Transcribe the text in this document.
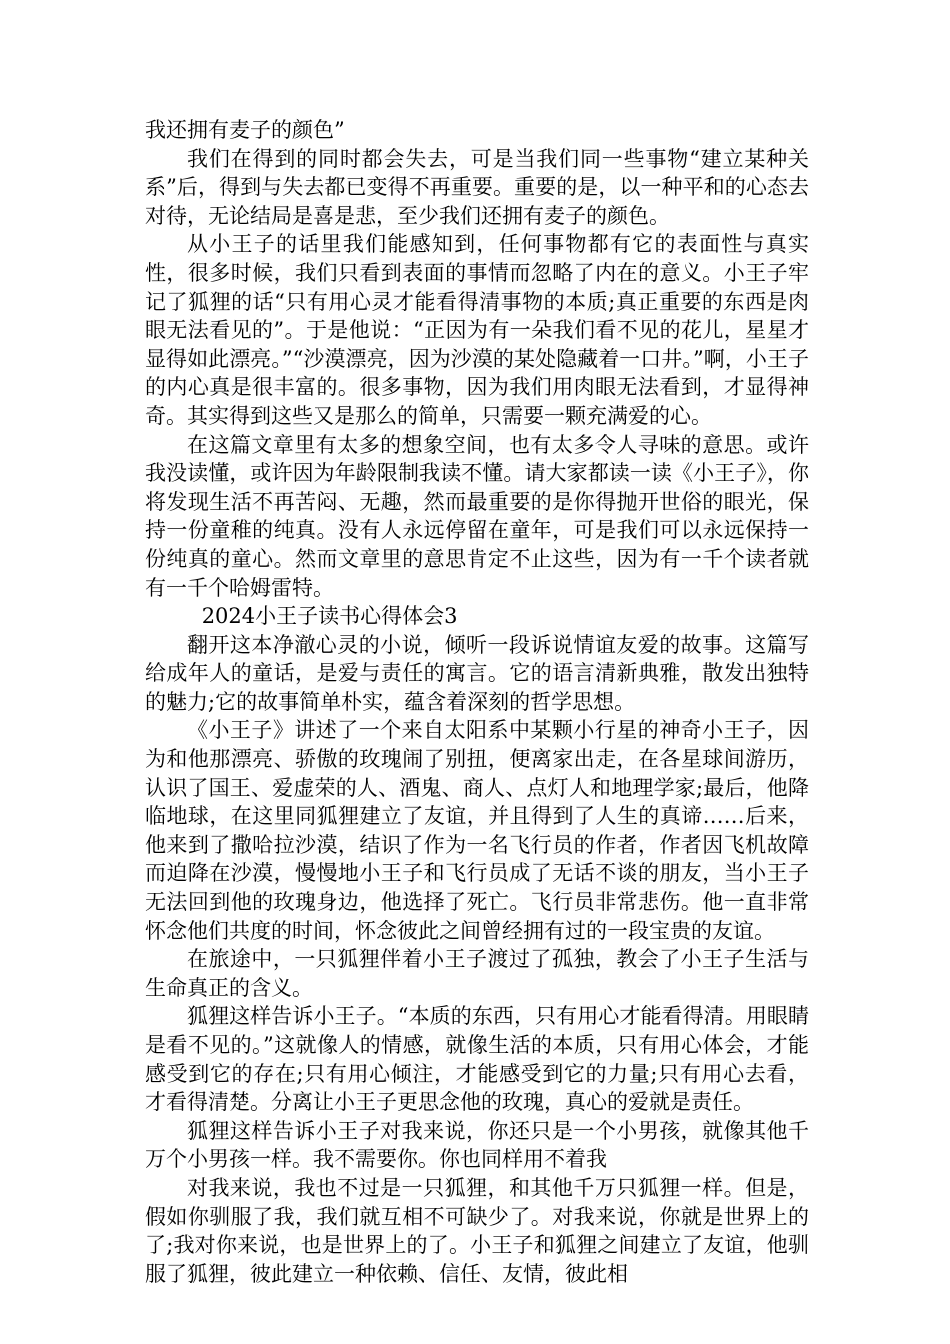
我还拥有麦子的颜色”

我们在得到的同时都会失去，可是当我们同一些事物“建立某种关系”后，得到与失去都已变得不再重要。重要的是，以一种平和的心态去对待，无论结局是喜是悲，至少我们还拥有麦子的颜色。

从小王子的话里我们能感知到，任何事物都有它的表面性与真实性，很多时候，我们只看到表面的事情而忽略了内在的意义。小王子牢记了狐狸的话“只有用心灵才能看得清事物的本质;真正重要的东西是肉眼无法看见的”。于是他说：“正因为有一朵我们看不见的花儿，星星才显得如此漂亮。”“沙漠漂亮，因为沙漠的某处隐藏着一口井。”啊，小王子的内心真是很丰富的。很多事物，因为我们用肉眼无法看到，才显得神奇。其实得到这些又是那么的简单，只需要一颗充满爱的心。

在这篇文章里有太多的想象空间，也有太多令人寻味的意思。或许我没读懂，或许因为年龄限制我读不懂。请大家都读一读《小王子》，你将发现生活不再苦闷、无趣，然而最重要的是你得抛开世俗的眼光，保持一份童稚的纯真。没有人永远停留在童年，可是我们可以永远保持一份纯真的童心。然而文章里的意思肯定不止这些，因为有一千个读者就有一千个哈姆雷特。

2024小王子读书心得体会3

翻开这本净澈心灵的小说，倾听一段诉说情谊友爱的故事。这篇写给成年人的童话，是爱与责任的寓言。它的语言清新典雅，散发出独特的魅力;它的故事简单朴实，蕴含着深刻的哲学思想。

《小王子》讲述了一个来自太阳系中某颗小行星的神奇小王子，因为和他那漂亮、骄傲的玫瑰闹了别扭，便离家出走，在各星球间游历，认识了国王、爱虚荣的人、酒鬼、商人、点灯人和地理学家;最后，他降临地球，在这里同狐狸建立了友谊，并且得到了人生的真谛……后来，他来到了撒哈拉沙漠，结识了作为一名飞行员的作者，作者因飞机故障而迫降在沙漠，慢慢地小王子和飞行员成了无话不谈的朋友，当小王子无法回到他的玫瑰身边，他选择了死亡。飞行员非常悲伤。他一直非常怀念他们共度的时间，怀念彼此之间曾经拥有过的一段宝贵的友谊。

在旅途中，一只狐狸伴着小王子渡过了孤独，教会了小王子生活与生命真正的含义。

狐狸这样告诉小王子。“本质的东西，只有用心才能看得清。用眼睛是看不见的。”这就像人的情感，就像生活的本质，只有用心体会，才能感受到它的存在;只有用心倾注，才能感受到它的力量;只有用心去看，才看得清楚。分离让小王子更思念他的玫瑰，真心的爱就是责任。

狐狸这样告诉小王子对我来说，你还只是一个小男孩，就像其他千万个小男孩一样。我不需要你。你也同样用不着我

对我来说，我也不过是一只狐狸，和其他千万只狐狸一样。但是，假如你驯服了我，我们就互相不可缺少了。对我来说，你就是世界上的了;我对你来说，也是世界上的了。小王子和狐狸之间建立了友谊，他驯服了狐狸，彼此建立一种依赖、信任、友情，彼此相
